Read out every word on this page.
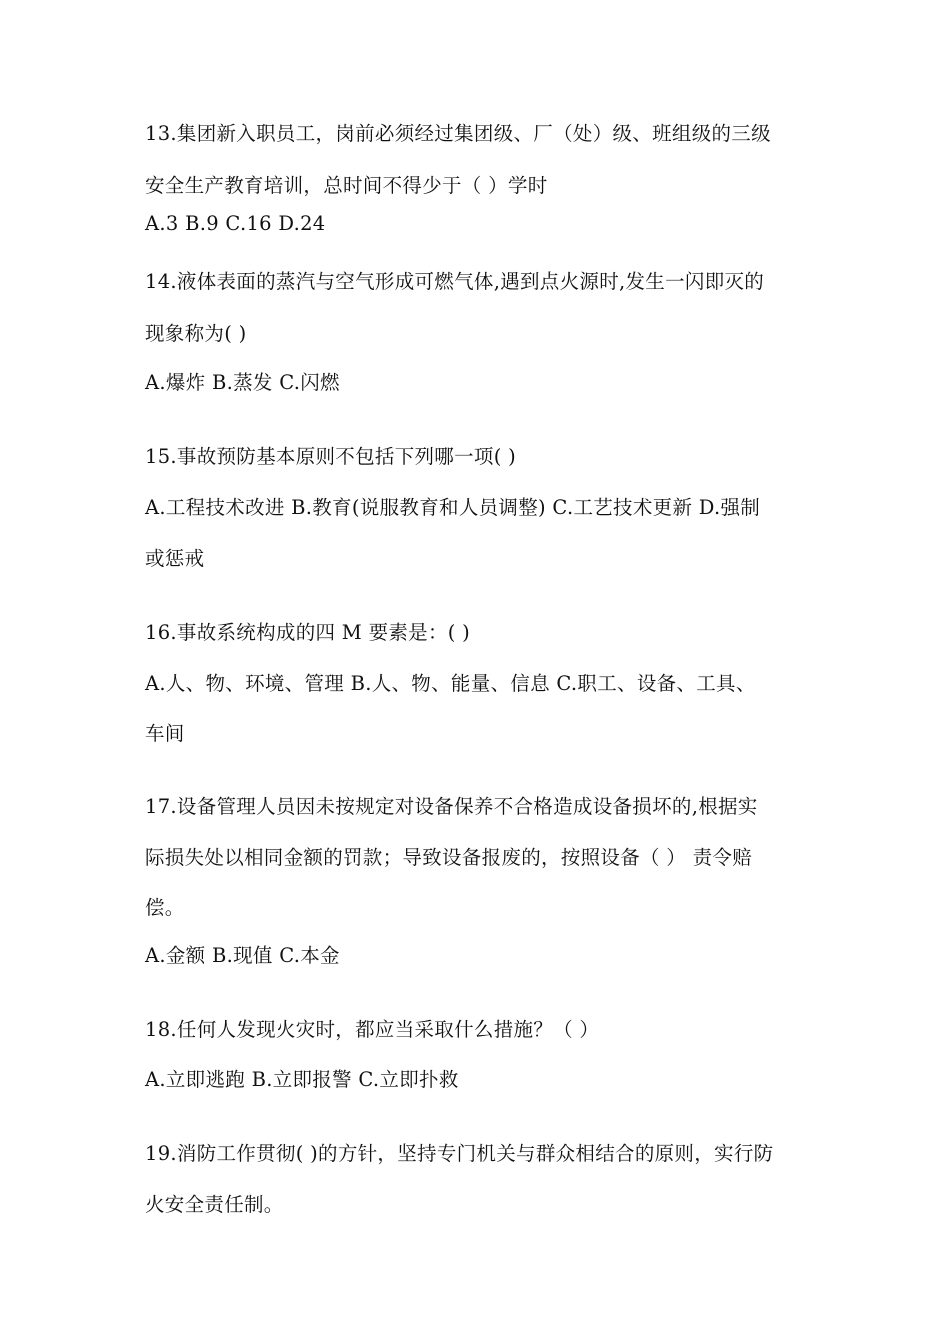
13.集团新入职员工，岗前必须经过集团级、厂（处）级、班组级的三级
安全生产教育培训，总时间不得少于（ ）学时
A.3 B.9 C.16 D.24
14.液体表面的蒸汽与空气形成可燃气体,遇到点火源时,发生一闪即灭的
现象称为( )
A.爆炸 B.蒸发 C.闪燃
15.事故预防基本原则不包括下列哪一项( )
A.工程技术改进 B.教育(说服教育和人员调整) C.工艺技术更新 D.强制
或惩戒
16.事故系统构成的四 M 要素是：( )
A.人、物、环境、管理 B.人、物、能量、信息 C.职工、设备、工具、
车间
17.设备管理人员因未按规定对设备保养不合格造成设备损坏的,根据实
际损失处以相同金额的罚款；导致设备报废的，按照设备（ ） 责令赔
偿。
A.金额 B.现值 C.本金
18.任何人发现火灾时，都应当采取什么措施？（ ）
A.立即逃跑 B.立即报警 C.立即扑救
19.消防工作贯彻( )的方针，坚持专门机关与群众相结合的原则，实行防
火安全责任制。
